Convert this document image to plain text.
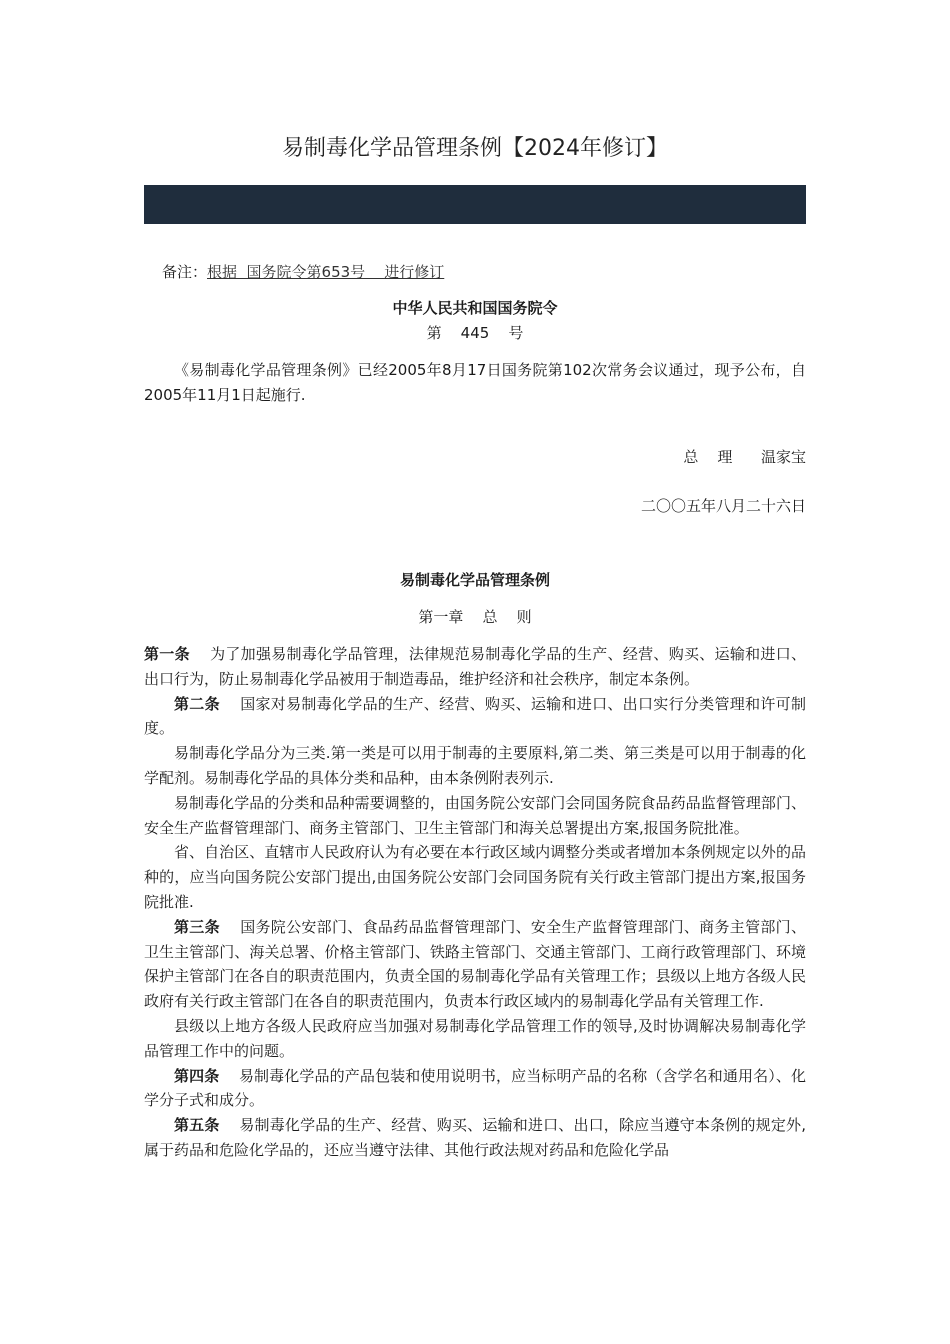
易制毒化学品管理条例【2024年修订】
备注：根据  国务院令第653号    进行修订
中华人民共和国国务院令
第    445    号

《易制毒化学品管理条例》已经2005年8月17日国务院第102次常务会议通过，现予公布，自2005年11月1日起施行.

总    理      温家宝
二〇〇五年八月二十六日
易制毒化学品管理条例
第一章    总    则

第一条 为了加强易制毒化学品管理，法律规范易制毒化学品的生产、经营、购买、运输和进口、出口行为，防止易制毒化学品被用于制造毒品，维护经济和社会秩序，制定本条例。

第二条 国家对易制毒化学品的生产、经营、购买、运输和进口、出口实行分类管理和许可制度。

易制毒化学品分为三类.第一类是可以用于制毒的主要原料,第二类、第三类是可以用于制毒的化学配剂。易制毒化学品的具体分类和品种，由本条例附表列示.

易制毒化学品的分类和品种需要调整的，由国务院公安部门会同国务院食品药品监督管理部门、安全生产监督管理部门、商务主管部门、卫生主管部门和海关总署提出方案,报国务院批准。

省、自治区、直辖市人民政府认为有必要在本行政区域内调整分类或者增加本条例规定以外的品种的，应当向国务院公安部门提出,由国务院公安部门会同国务院有关行政主管部门提出方案,报国务院批准.

第三条 国务院公安部门、食品药品监督管理部门、安全生产监督管理部门、商务主管部门、卫生主管部门、海关总署、价格主管部门、铁路主管部门、交通主管部门、工商行政管理部门、环境保护主管部门在各自的职责范围内，负责全国的易制毒化学品有关管理工作；县级以上地方各级人民政府有关行政主管部门在各自的职责范围内，负责本行政区域内的易制毒化学品有关管理工作.

县级以上地方各级人民政府应当加强对易制毒化学品管理工作的领导,及时协调解决易制毒化学品管理工作中的问题。

第四条 易制毒化学品的产品包装和使用说明书，应当标明产品的名称（含学名和通用名）、化学分子式和成分。

第五条 易制毒化学品的生产、经营、购买、运输和进口、出口，除应当遵守本条例的规定外,属于药品和危险化学品的，还应当遵守法律、其他行政法规对药品和危险化学品
